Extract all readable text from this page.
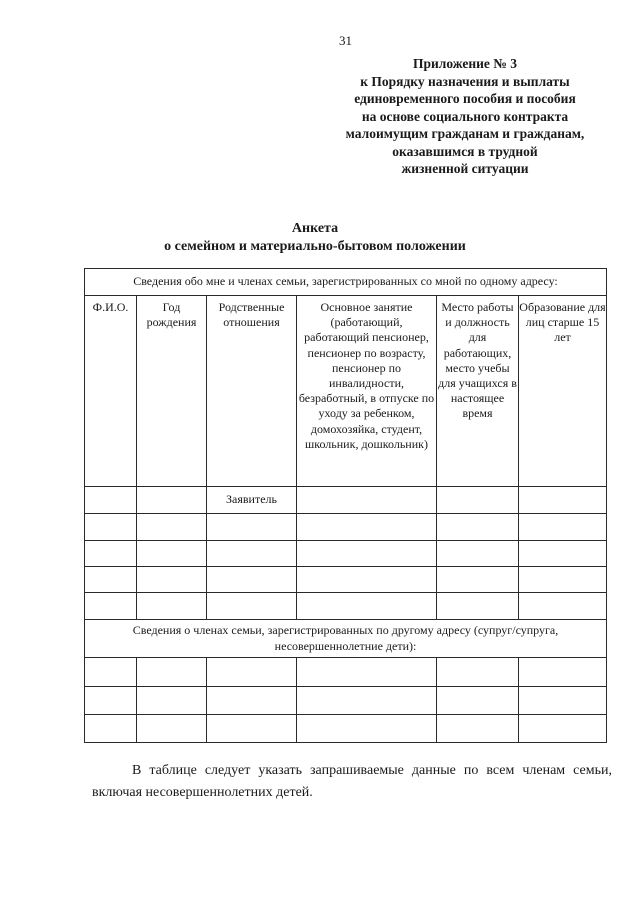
31
Приложение № 3
к Порядку назначения и выплаты
единовременного пособия и пособия
на основе социального контракта
малоимущим гражданам и гражданам,
оказавшимся в трудной
жизненной ситуации
Анкета
о семейном и материально-бытовом положении
Сведения обо мне и членах семьи, зарегистрированных со мной по одному адресу:					
Ф.И.О.	Год рождения	Родственные отношения	Основное занятие (работающий, работающий пенсионер, пенсионер по возрасту, пенсионер по инвалидности, безработный, в отпуске по уходу за ребенком, домохозяйка, студент, школьник, дошкольник)	Место работы и должность для работающих, место учебы для учащихся в настоящее время	Образование для лиц старше 15 лет
		Заявитель			

Сведения о членах семьи, зарегистрированных по другому адресу (супруг/супруга, несовершеннолетние дети):					

В таблице следует указать запрашиваемые данные по всем членам семьи, включая несовершеннолетних детей.
